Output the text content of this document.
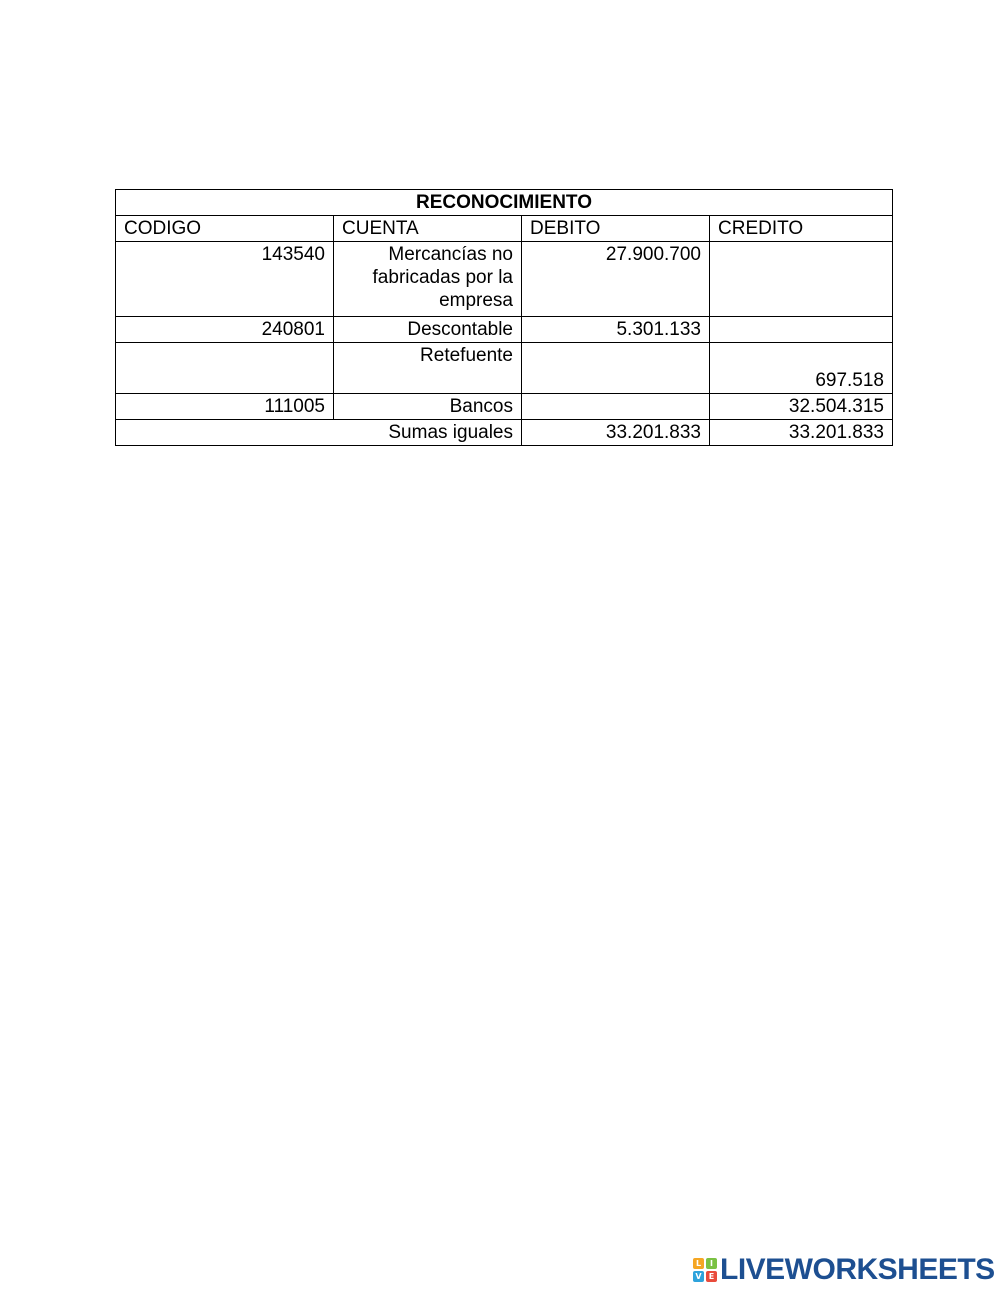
RECONOCIMIENTO			
CODIGO	CUENTA	DEBITO	CREDITO
143540	Mercancías no fabricadas por la empresa	27.900.700	
240801	Descontable	5.301.133	
	Retefuente		697.518
111005	Bancos		32.504.315
Sumas iguales		33.201.833	33.201.833
L	I
V E LIVEWORKSHEETS
